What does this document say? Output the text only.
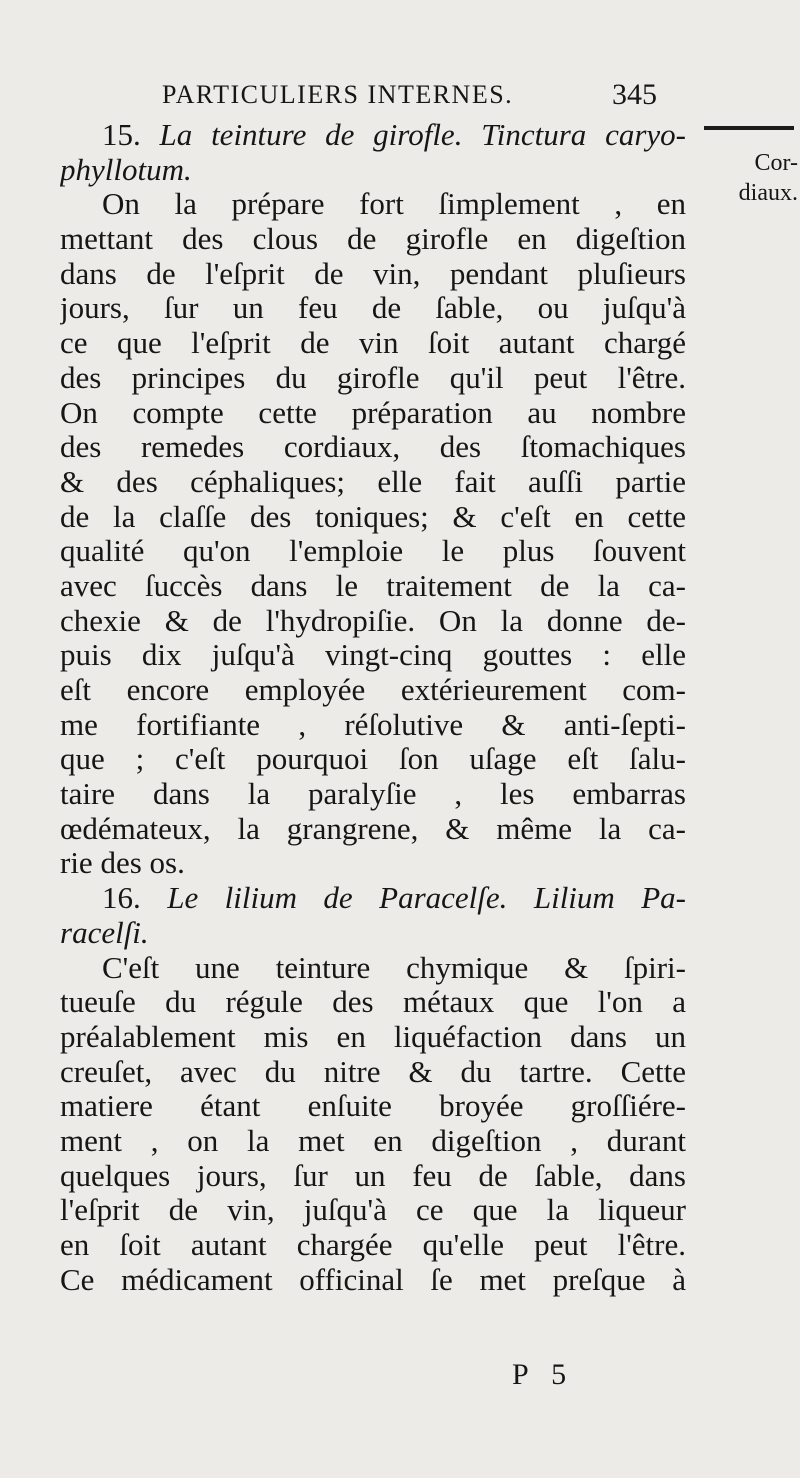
PARTICULIERS INTERNES.	345
Cor-
diaux.
15. La teinture de girofle. Tinctura caryo-
phyllotum.
On la prépare fort ſimplement , en
mettant des clous de girofle en digeſtion
dans de l'eſprit de vin, pendant pluſieurs
jours, ſur un feu de ſable, ou juſqu'à
ce que l'eſprit de vin ſoit autant chargé
des principes du girofle qu'il peut l'être.
On compte cette préparation au nombre
des remedes cordiaux, des ſtomachiques
& des céphaliques; elle fait auſſi partie
de la claſſe des toniques; & c'eſt en cette
qualité qu'on l'emploie le plus ſouvent
avec ſuccès dans le traitement de la ca-
chexie & de l'hydropiſie. On la donne de-
puis dix juſqu'à vingt-cinq gouttes : elle
eſt encore employée extérieurement com-
me fortifiante , réſolutive & anti-ſepti-
que ; c'eſt pourquoi ſon uſage eſt ſalu-
taire dans la paralyſie , les embarras
œdémateux, la grangrene, & même la ca-
rie des os.
16. Le lilium de Paracelſe. Lilium Pa-
racelſi.
C'eſt une teinture chymique & ſpiri-
tueuſe du régule des métaux que l'on a
préalablement mis en liquéfaction dans un
creuſet, avec du nitre & du tartre. Cette
matiere étant enſuite broyée groſſiére-
ment , on la met en digeſtion , durant
quelques jours, ſur un feu de ſable, dans
l'eſprit de vin, juſqu'à ce que la liqueur
en ſoit autant chargée qu'elle peut l'être.
Ce médicament officinal ſe met preſque à
P 5
